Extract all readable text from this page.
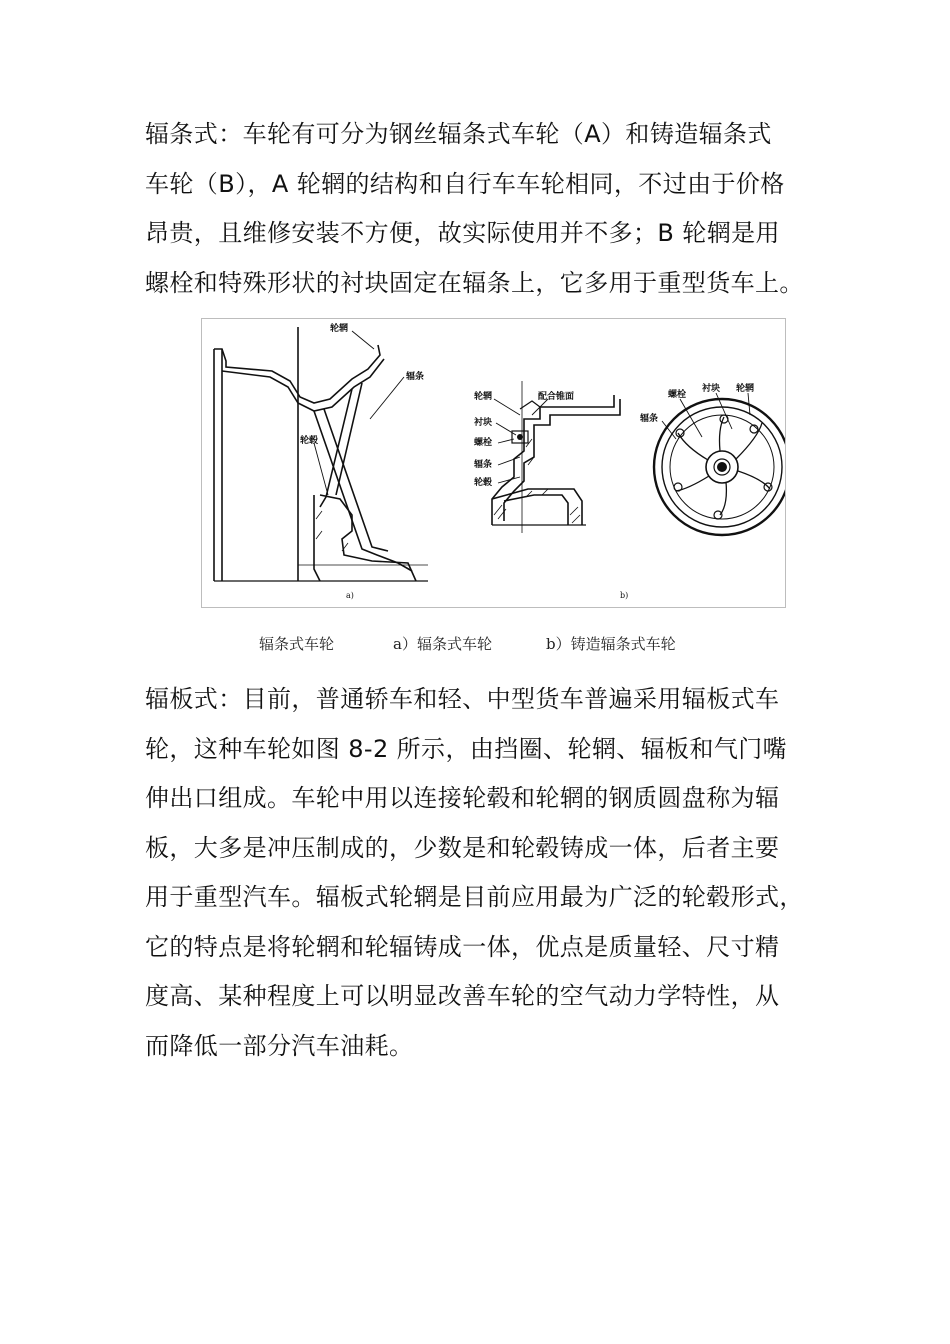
辐条式：车轮有可分为钢丝辐条式车轮（A）和铸造辐条式
车轮（B），A 轮辋的结构和自行车车轮相同，不过由于价格
昂贵，且维修安装不方便，故实际使用并不多；B 轮辋是用
螺栓和特殊形状的衬块固定在辐条上，它多用于重型货车上。
轮辋
辐条
轮毂
a)
轮辋	配合锥面
衬块
螺栓
辐条
轮毂
b)
螺栓
衬块 轮辋
辐条
辐条式车轮	a）辐条式车轮	b）铸造辐条式车轮
辐板式：目前，普通轿车和轻、中型货车普遍采用辐板式车
轮，这种车轮如图 8-2 所示，由挡圈、轮辋、辐板和气门嘴
伸出口组成。车轮中用以连接轮毂和轮辋的钢质圆盘称为辐
板，大多是冲压制成的，少数是和轮毂铸成一体，后者主要
用于重型汽车。辐板式轮辋是目前应用最为广泛的轮毂形式，
它的特点是将轮辋和轮辐铸成一体，优点是质量轻、尺寸精
度高、某种程度上可以明显改善车轮的空气动力学特性，从
而降低一部分汽车油耗。
